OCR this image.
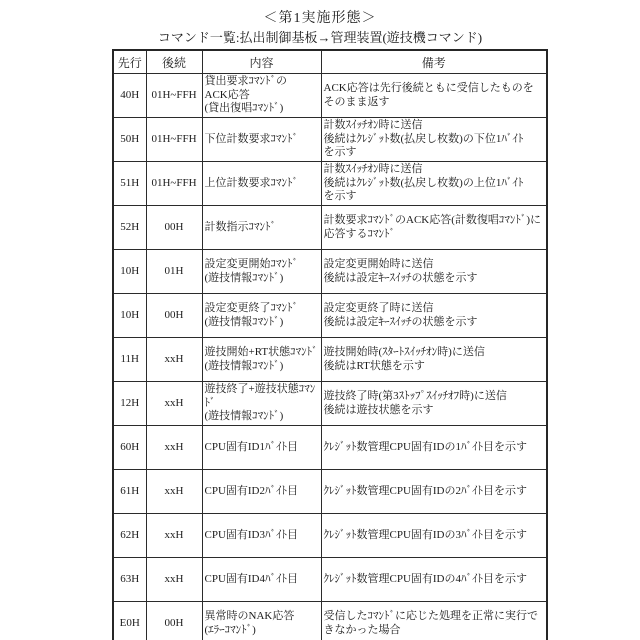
＜第1実施形態＞
コマンド一覧:払出制御基板→管理装置(遊技機コマンド)
先行	後続	内容	備考
40H	01H~FFH	貸出要求ｺﾏﾝﾄﾞの
ACK応答
(貸出復唱ｺﾏﾝﾄﾞ)	ACK応答は先行後続ともに受信したものを
そのまま返す
50H	01H~FFH	下位計数要求ｺﾏﾝﾄﾞ	計数ｽｲｯﾁｵﾝ時に送信
後続はｸﾚｼﾞｯﾄ数(払戻し枚数)の下位1ﾊﾞｲﾄ
を示す
51H	01H~FFH	上位計数要求ｺﾏﾝﾄﾞ	計数ｽｲｯﾁｵﾝ時に送信
後続はｸﾚｼﾞｯﾄ数(払戻し枚数)の上位1ﾊﾞｲﾄ
を示す
52H	00H	計数指示ｺﾏﾝﾄﾞ	計数要求ｺﾏﾝﾄﾞのACK応答(計数復唱ｺﾏﾝﾄﾞ)に応答するｺﾏﾝﾄﾞ
10H	01H	設定変更開始ｺﾏﾝﾄﾞ
(遊技情報ｺﾏﾝﾄﾞ)	設定変更開始時に送信
後続は設定ｷｰｽｲｯﾁの状態を示す
10H	00H	設定変更終了ｺﾏﾝﾄﾞ
(遊技情報ｺﾏﾝﾄﾞ)	設定変更終了時に送信
後続は設定ｷｰｽｲｯﾁの状態を示す
11H	xxH	遊技開始+RT状態ｺﾏﾝﾄﾞ
(遊技情報ｺﾏﾝﾄﾞ)	遊技開始時(ｽﾀｰﾄｽｲｯﾁｵﾝ時)に送信
後続はRT状態を示す
12H	xxH	遊技終了+遊技状態ｺﾏﾝﾄﾞ
(遊技情報ｺﾏﾝﾄﾞ)	遊技終了時(第3ｽﾄｯﾌﾟｽｲｯﾁｵﾌ時)に送信
後続は遊技状態を示す
60H	xxH	CPU固有ID1ﾊﾞｲﾄ目	ｸﾚｼﾞｯﾄ数管理CPU固有IDの1ﾊﾞｲﾄ目を示す
61H	xxH	CPU固有ID2ﾊﾞｲﾄ目	ｸﾚｼﾞｯﾄ数管理CPU固有IDの2ﾊﾞｲﾄ目を示す
62H	xxH	CPU固有ID3ﾊﾞｲﾄ目	ｸﾚｼﾞｯﾄ数管理CPU固有IDの3ﾊﾞｲﾄ目を示す
63H	xxH	CPU固有ID4ﾊﾞｲﾄ目	ｸﾚｼﾞｯﾄ数管理CPU固有IDの4ﾊﾞｲﾄ目を示す
E0H	00H	異常時のNAK応答
(ｴﾗｰｺﾏﾝﾄﾞ)	受信したｺﾏﾝﾄﾞに応じた処理を正常に実行できなかった場合
